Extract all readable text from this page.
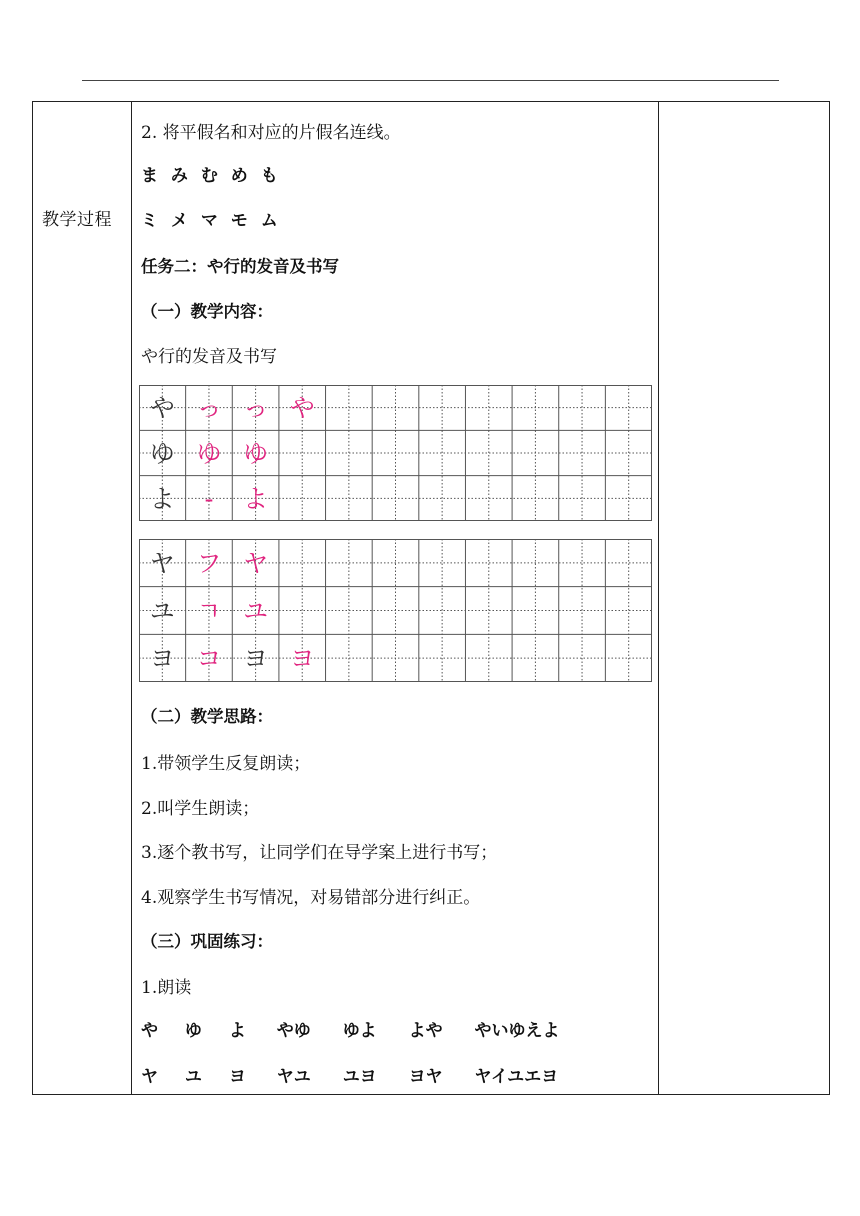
教学过程
2. 将平假名和对应的片假名连线。
ま み む め も
ミ メ マ モ ム
任务二：や行的发音及书写
（一）教学内容：
や行的发音及书写
や っ っ や
ゆ ゆ ゆ
よ - よ
ヤ フ ヤ
ユ ㄱ ユ
ヨ コ ヨ ヨ
（二）教学思路：
1.带领学生反复朗读；
2.叫学生朗读；
3.逐个教书写，让同学们在导学案上进行书写；
4.观察学生书写情况，对易错部分进行纠正。
（三）巩固练习：
1.朗读
や ゆ よ やゆ ゆよ よや やいゆえよ
ヤ ユ ヨ ヤユ ユヨ ヨヤ ヤイユエヨ
